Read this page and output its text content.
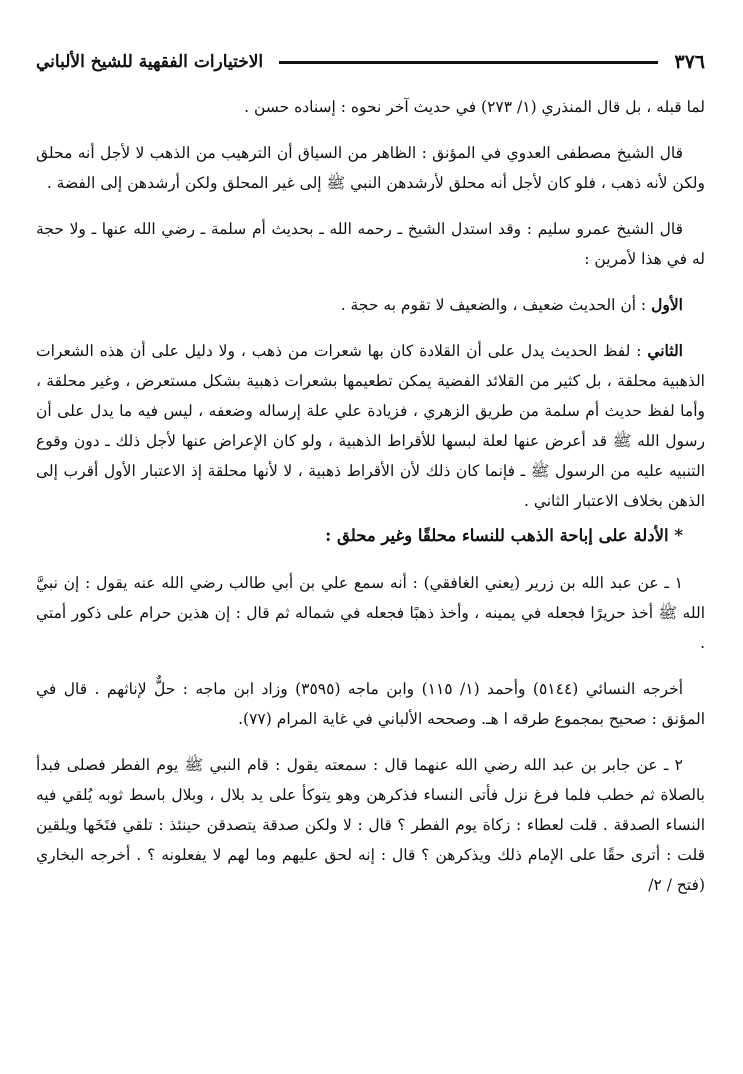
٣٧٦
الاختيارات الفقهية للشيخ الألباني

لما قبله ، بل قال المنذري (١/ ٢٧٣) في حديث آخر نحوه : إسناده حسن .

قال الشيخ مصطفى العدوي في المؤنق : الظاهر من السياق أن الترهيب من الذهب لا لأجل أنه محلق ولكن لأنه ذهب ، فلو كان لأجل أنه محلق لأرشدهن النبي ﷺ إلى غير المحلق ولكن أرشدهن إلى الفضة .

قال الشيخ عمرو سليم : وقد استدل الشيخ ـ رحمه الله ـ بحديث أم سلمة ـ رضي الله عنها ـ ولا حجة له في هذا لأمرين :

الأول : أن الحديث ضعيف ، والضعيف لا تقوم به حجة .

الثاني : لفظ الحديث يدل على أن القلادة كان بها شعرات من ذهب ، ولا دليل على أن هذه الشعرات الذهبية محلقة ، بل كثير من القلائد الفضية يمكن تطعيمها بشعرات ذهبية بشكل مستعرض ، وغير محلقة ، وأما لفظ حديث أم سلمة من طريق الزهري ، فزيادة علي علة إرساله وضعفه ، ليس فيه ما يدل على أن رسول الله ﷺ قد أعرض عنها لعلة لبسها للأقراط الذهبية ، ولو كان الإعراض عنها لأجل ذلك ـ دون وقوع التنبيه عليه من الرسول ﷺ ـ فإنما كان ذلك لأن الأقراط ذهبية ، لا لأنها محلقة إذ الاعتبار الأول أقرب إلى الذهن بخلاف الاعتبار الثاني .

* الأدلة على إباحة الذهب للنساء محلقًا وغير محلق :

١ ـ عن عبد الله بن زرير (يعني الغافقي) : أنه سمع علي بن أبي طالب رضي الله عنه يقول : إن نبيَّ الله ﷺ أخذ حريرًا فجعله في يمينه ، وأخذ ذهبًا فجعله في شماله ثم قال : إن هذين حرام على ذكور أمتي .

أخرجه النسائي (٥١٤٤) وأحمد (١/ ١١٥) وابن ماجه (٣٥٩٥) وزاد ابن ماجه : حلٌّ لإناثهم . قال في المؤنق : صحيح بمجموع طرقه ا هـ. وصححه الألباني في غاية المرام (٧٧).

٢ ـ عن جابر بن عبد الله رضي الله عنهما قال : سمعته يقول : قام النبي ﷺ يوم الفطر فصلى فبدأ بالصلاة ثم خطب فلما فرغ نزل فأتى النساء فذكرهن وهو يتوكأ على يد بلال ، وبلال باسط ثوبه يُلقي فيه النساء الصدقة . قلت لعطاء : زكاة يوم الفطر ؟ قال : لا ولكن صدقة يتصدقن حينئذ : تلقي فتَخَها ويلقين قلت : أترى حقًا على الإمام ذلك ويذكرهن ؟ قال : إنه لحق عليهم وما لهم لا يفعلونه ؟ . أخرجه البخاري (فتح / ٢/
